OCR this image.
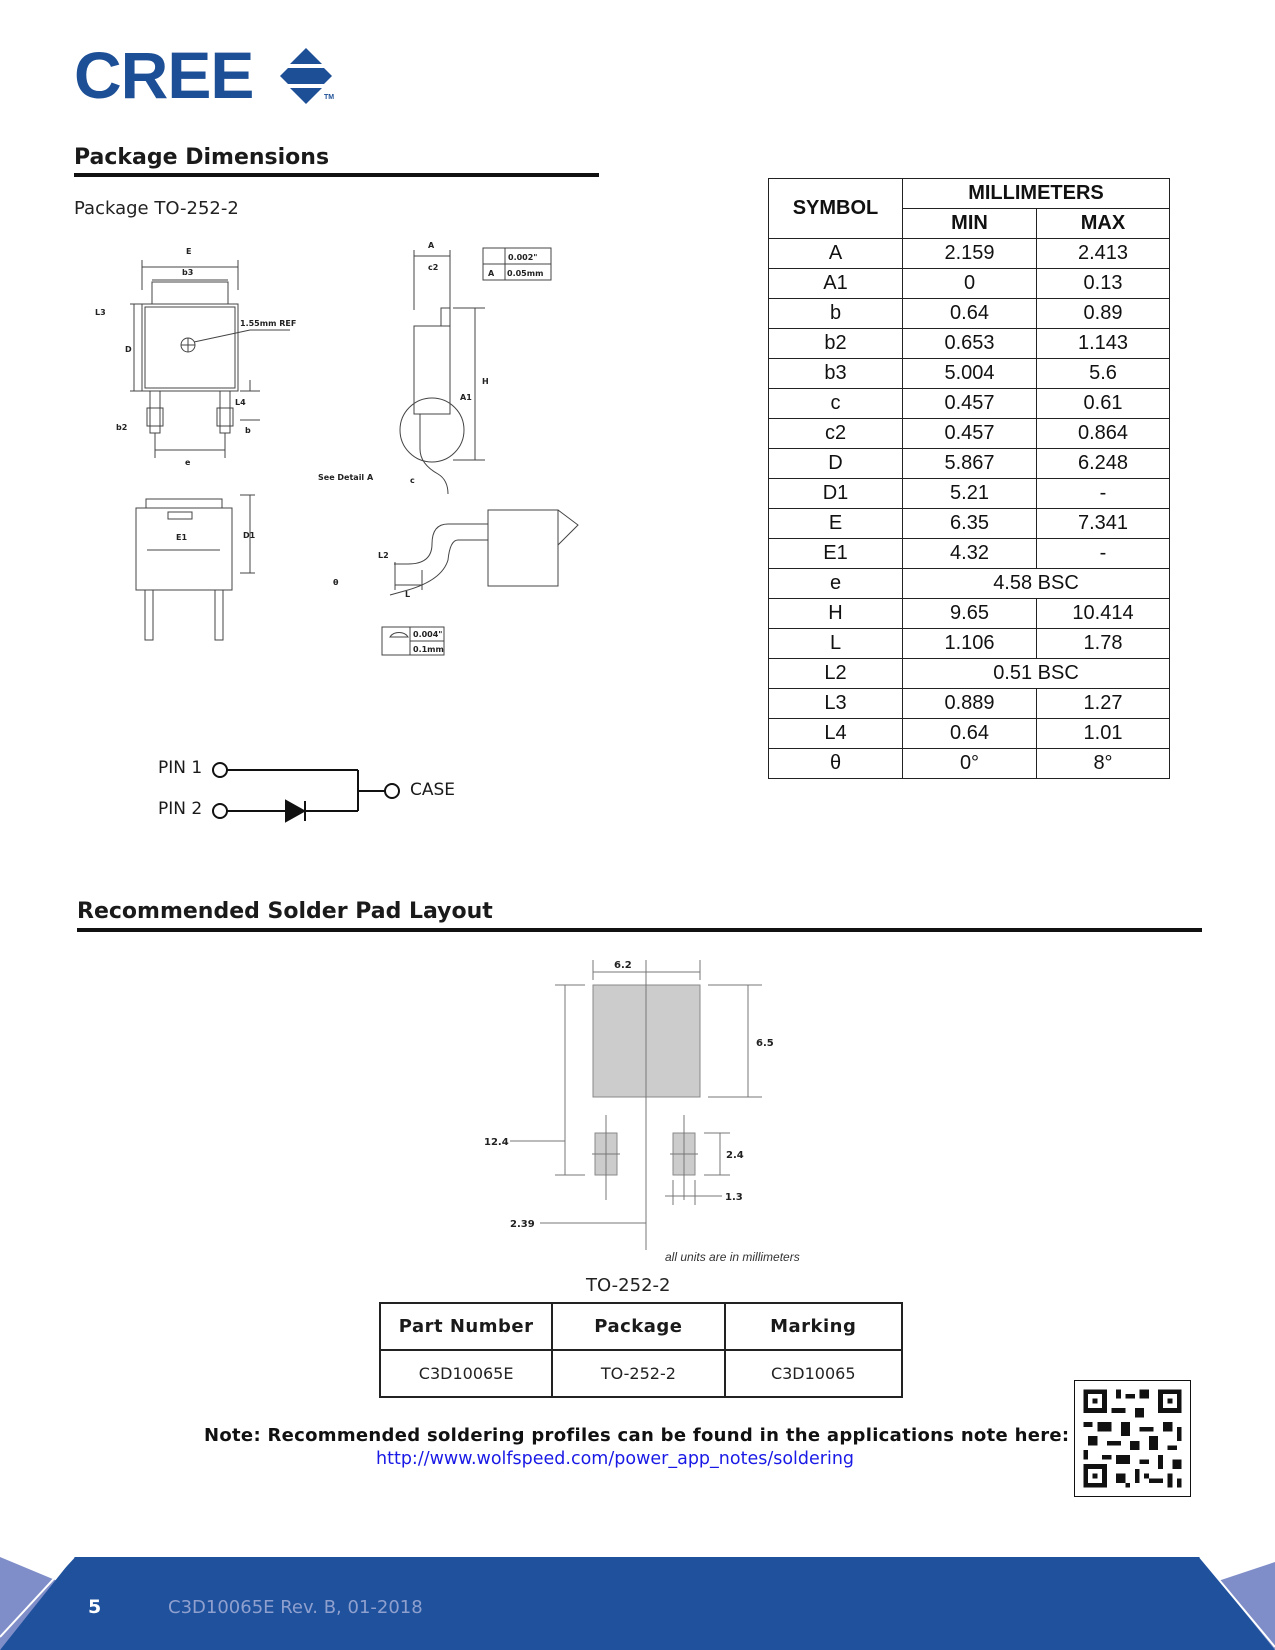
CREE	TM
Package Dimensions
Package TO-252-2
E
b3
L3
D
1.55mm REF
L4
b2	b
e
A
c2
H
A1
See Detail A	c
0.002"
A 0.05mm
E1	D1
L2
L
θ
0.004"
0.1mm
PIN 1
PIN 2
CASE
SYMBOL	MILLIMETERS	
	MIN	MAX
A	2.159	2.413
A1	0	0.13
b	0.64	0.89
b2	0.653	1.143
b3	5.004	5.6
c	0.457	0.61
c2	0.457	0.864
D	5.867	6.248
D1	5.21	-
E	6.35	7.341
E1	4.32	-
e	4.58 BSC	
H	9.65	10.414
L	1.106	1.78
L2	0.51 BSC	
L3	0.889	1.27
L4	0.64	1.01
θ	0°	8°
Recommended Solder Pad Layout
6.2
6.5
12.4
2.4
1.3
2.39
all units are in millimeters
TO-252-2
Part Number	Package	Marking
C3D10065E	TO-252-2	C3D10065
Note: Recommended soldering profiles can be found in the applications note here:
http://www.wolfspeed.com/power_app_notes/soldering
5	C3D10065E Rev. B, 01-2018
